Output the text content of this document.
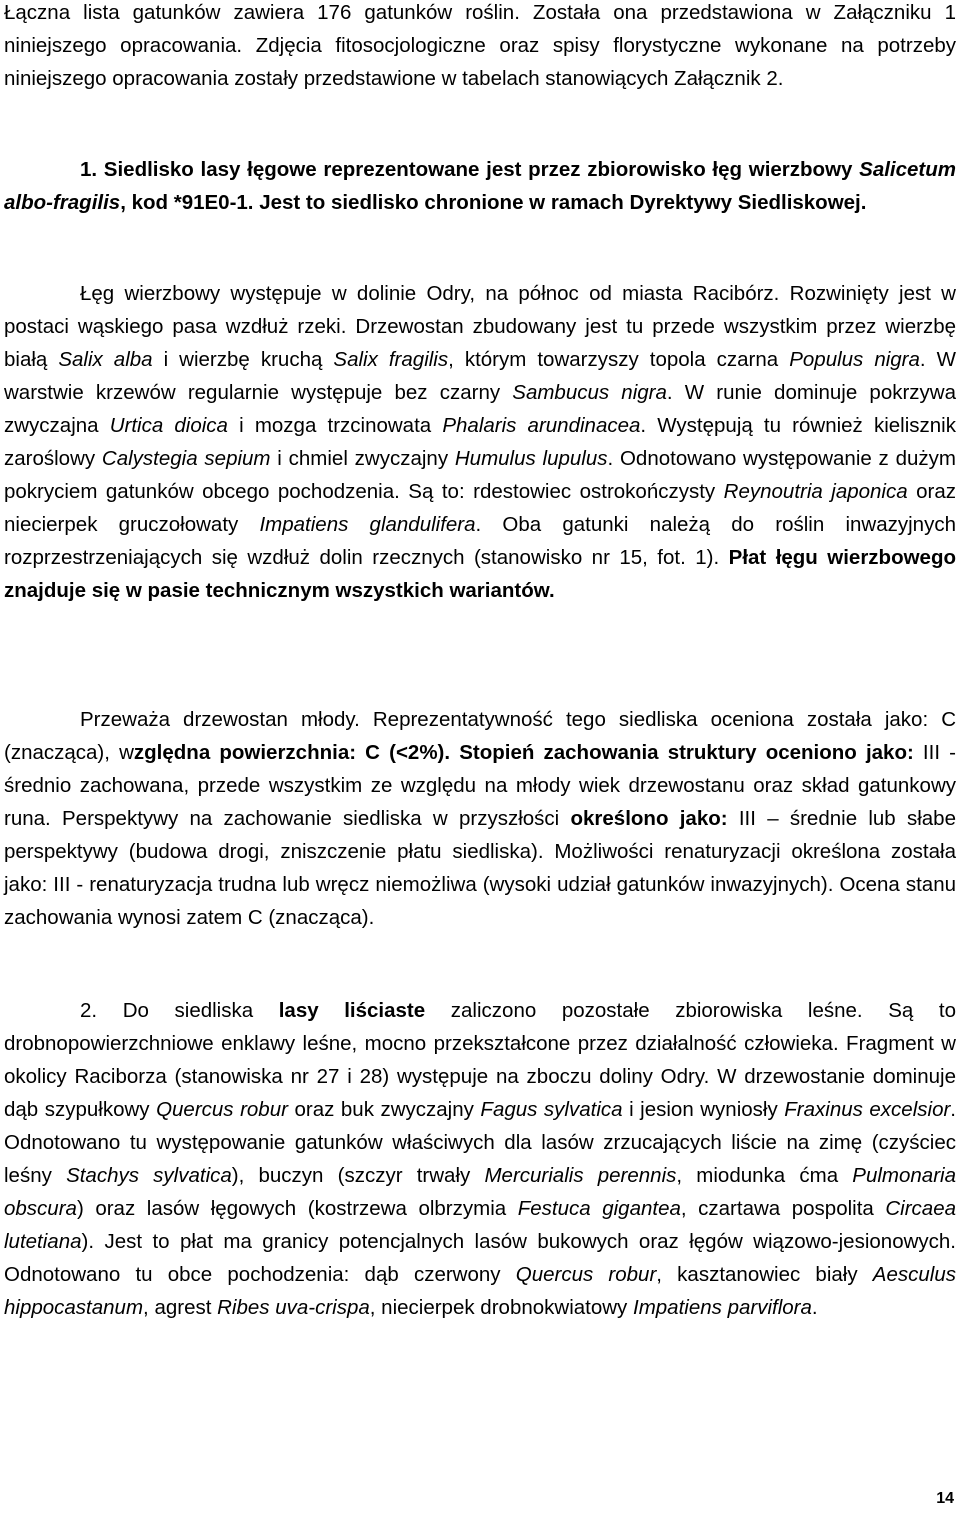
Łączna lista gatunków zawiera 176 gatunków roślin. Została ona przedstawiona w Załączniku 1 niniejszego opracowania. Zdjęcia fitosocjologiczne oraz spisy florystyczne wykonane na potrzeby niniejszego opracowania zostały przedstawione w tabelach stanowiących Załącznik 2.

1. Siedlisko lasy łęgowe reprezentowane jest przez zbiorowisko łęg wierzbowy Salicetum albo-fragilis, kod *91E0-1. Jest to siedlisko chronione w ramach Dyrektywy Siedliskowej.

Łęg wierzbowy występuje w dolinie Odry, na północ od miasta Racibórz. Rozwinięty jest w postaci wąskiego pasa wzdłuż rzeki. Drzewostan zbudowany jest tu przede wszystkim przez wierzbę białą Salix alba i wierzbę kruchą Salix fragilis, którym towarzyszy topola czarna Populus nigra. W warstwie krzewów regularnie występuje bez czarny Sambucus nigra. W runie dominuje pokrzywa zwyczajna Urtica dioica i mozga trzcinowata Phalaris arundinacea. Występują tu również kielisznik zaroślowy Calystegia sepium i chmiel zwyczajny Humulus lupulus. Odnotowano występowanie z dużym pokryciem gatunków obcego pochodzenia. Są to: rdestowiec ostrokończysty Reynoutria japonica oraz niecierpek gruczołowaty Impatiens glandulifera. Oba gatunki należą do roślin inwazyjnych rozprzestrzeniających się wzdłuż dolin rzecznych (stanowisko nr 15, fot. 1). Płat łęgu wierzbowego znajduje się w pasie technicznym wszystkich wariantów.

Przeważa drzewostan młody. Reprezentatywność tego siedliska oceniona została jako: C (znacząca), względna powierzchnia: C (<2%). Stopień zachowania struktury oceniono jako: III - średnio zachowana, przede wszystkim ze względu na młody wiek drzewostanu oraz skład gatunkowy runa. Perspektywy na zachowanie siedliska w przyszłości określono jako: III – średnie lub słabe perspektywy (budowa drogi, zniszczenie płatu siedliska). Możliwości renaturyzacji określona została jako: III - renaturyzacja trudna lub wręcz niemożliwa (wysoki udział gatunków inwazyjnych). Ocena stanu zachowania wynosi zatem C (znacząca).

2. Do siedliska lasy liściaste zaliczono pozostałe zbiorowiska leśne. Są to drobnopowierzchniowe enklawy leśne, mocno przekształcone przez działalność człowieka. Fragment w okolicy Raciborza (stanowiska nr 27 i 28) występuje na zboczu doliny Odry. W drzewostanie dominuje dąb szypułkowy Quercus robur oraz buk zwyczajny Fagus sylvatica i jesion wyniosły Fraxinus excelsior. Odnotowano tu występowanie gatunków właściwych dla lasów zrzucających liście na zimę (czyściec leśny Stachys sylvatica), buczyn (szczyr trwały Mercurialis perennis, miodunka ćma Pulmonaria obscura) oraz lasów łęgowych (kostrzewa olbrzymia Festuca gigantea, czartawa pospolita Circaea lutetiana). Jest to płat ma granicy potencjalnych lasów bukowych oraz łęgów wiązowo-jesionowych. Odnotowano tu obce pochodzenia: dąb czerwony Quercus robur, kasztanowiec biały Aesculus hippocastanum, agrest Ribes uva-crispa, niecierpek drobnokwiatowy Impatiens parviflora.

14
